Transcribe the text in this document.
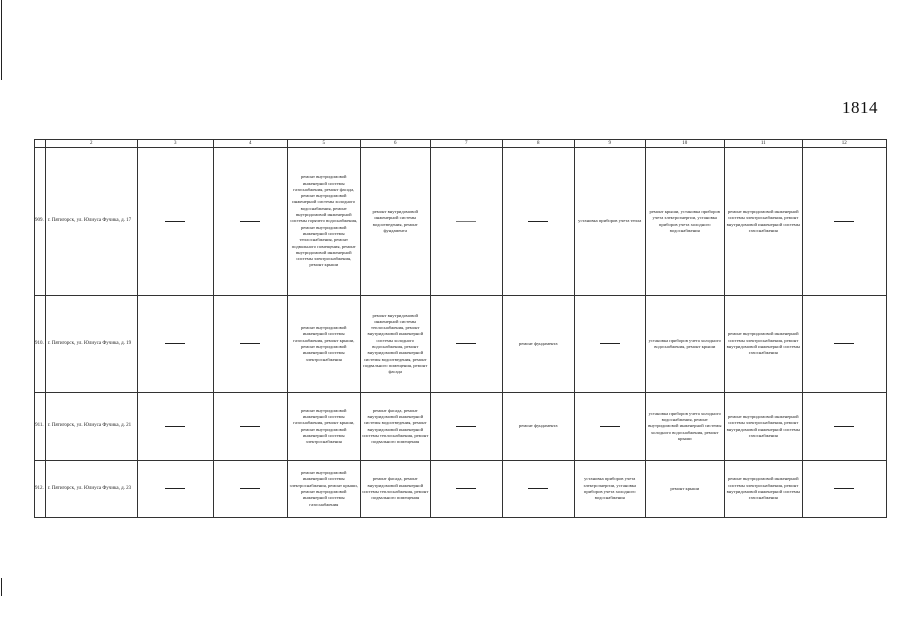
1814
	2	3	4	5	6	7	8	9	10	11	12
909.	г. Пятигорск, ул. Юлиуса Фучика, д. 17			ремонт внутридомовой инженерной системы газоснабжения, ремонт фасада, ремонт внутридомовой инженерной системы холодного водоснабжения, ремонт внутридомовой инженерной системы горячего водоснабжения, ремонт внутридомовой инженерной системы теплоснабжения, ремонт подвального помещения, ремонт внутридомовой инженерной системы электроснабжения, ремонт крыши	ремонт внутридомовой инженерной системы водоотведения, ремонт фундамента			установка приборов учета тепла	ремонт крыши, установка приборов учета электроэнергии, установка приборов учета холодного водоснабжения	ремонт внутридомовой инженерной системы электроснабжения, ремонт внутридомовой инженерной системы газоснабжения	

910.	г. Пятигорск, ул. Юлиуса Фучика, д. 19			ремонт внутридомовой инженерной системы газоснабжения, ремонт крыши, ремонт внутридомовой инженерной системы электроснабжения	ремонт внутридомовой инженерной системы теплоснабжения, ремонт внутридомовой инженерной системы холодного водоснабжения, ремонт внутридомовой инженерной системы водоотведения, ремонт подвального помещения, ремонт фасада		ремонт фундамента		установка приборов учета холодного водоснабжения, ремонт крыши	ремонт внутридомовой инженерной системы электроснабжения, ремонт внутридомовой инженерной системы газоснабжения	

911.	г. Пятигорск, ул. Юлиуса Фучика, д. 21			ремонт внутридомовой инженерной системы газоснабжения, ремонт крыши, ремонт внутридомовой инженерной системы электроснабжения	ремонт фасада, ремонт внутридомовой инженерной системы водоотведения, ремонт внутридомовой инженерной системы теплоснабжения, ремонт подвального помещения		ремонт фундамента		установка приборов учета холодного водоснабжения, ремонт внутридомовой инженерной системы холодного водоснабжения, ремонт крыши	ремонт внутридомовой инженерной системы электроснабжения, ремонт внутридомовой инженерной системы газоснабжения	

912.	г. Пятигорск, ул. Юлиуса Фучика, д. 23			ремонт внутридомовой инженерной системы электроснабжения, ремонт крыши, ремонт внутридомовой инженерной системы газоснабжения	ремонт фасада, ремонт внутридомовой инженерной системы теплоснабжения, ремонт подвального помещения			установка приборов учета электроэнергии, установка приборов учета холодного водоснабжения	ремонт крыши	ремонт внутридомовой инженерной системы электроснабжения, ремонт внутридомовой инженерной системы газоснабжения	
